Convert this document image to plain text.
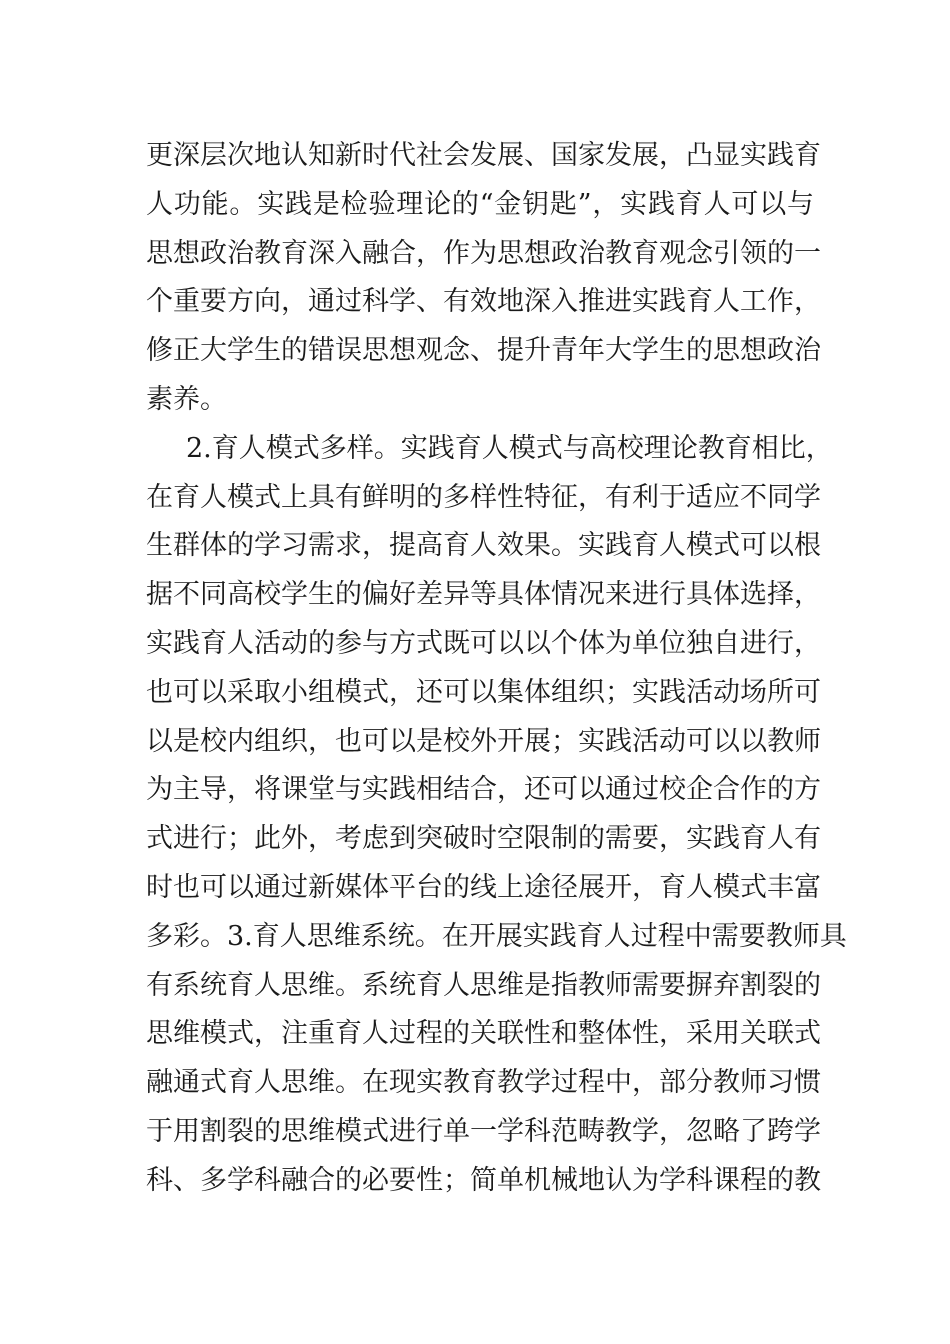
更深层次地认知新时代社会发展、国家发展，凸显实践育
人功能。实践是检验理论的“金钥匙”，实践育人可以与
思想政治教育深入融合，作为思想政治教育观念引领的一
个重要方向，通过科学、有效地深入推进实践育人工作，
修正大学生的错误思想观念、提升青年大学生的思想政治
素养。
2.育人模式多样。实践育人模式与高校理论教育相比，
在育人模式上具有鲜明的多样性特征，有利于适应不同学
生群体的学习需求，提高育人效果。实践育人模式可以根
据不同高校学生的偏好差异等具体情况来进行具体选择，
实践育人活动的参与方式既可以以个体为单位独自进行，
也可以采取小组模式，还可以集体组织；实践活动场所可
以是校内组织，也可以是校外开展；实践活动可以以教师
为主导，将课堂与实践相结合，还可以通过校企合作的方
式进行；此外，考虑到突破时空限制的需要，实践育人有
时也可以通过新媒体平台的线上途径展开，育人模式丰富
多彩。3.育人思维系统。在开展实践育人过程中需要教师具
有系统育人思维。系统育人思维是指教师需要摒弃割裂的
思维模式，注重育人过程的关联性和整体性，采用关联式
融通式育人思维。在现实教育教学过程中，部分教师习惯
于用割裂的思维模式进行单一学科范畴教学，忽略了跨学
科、多学科融合的必要性；简单机械地认为学科课程的教
